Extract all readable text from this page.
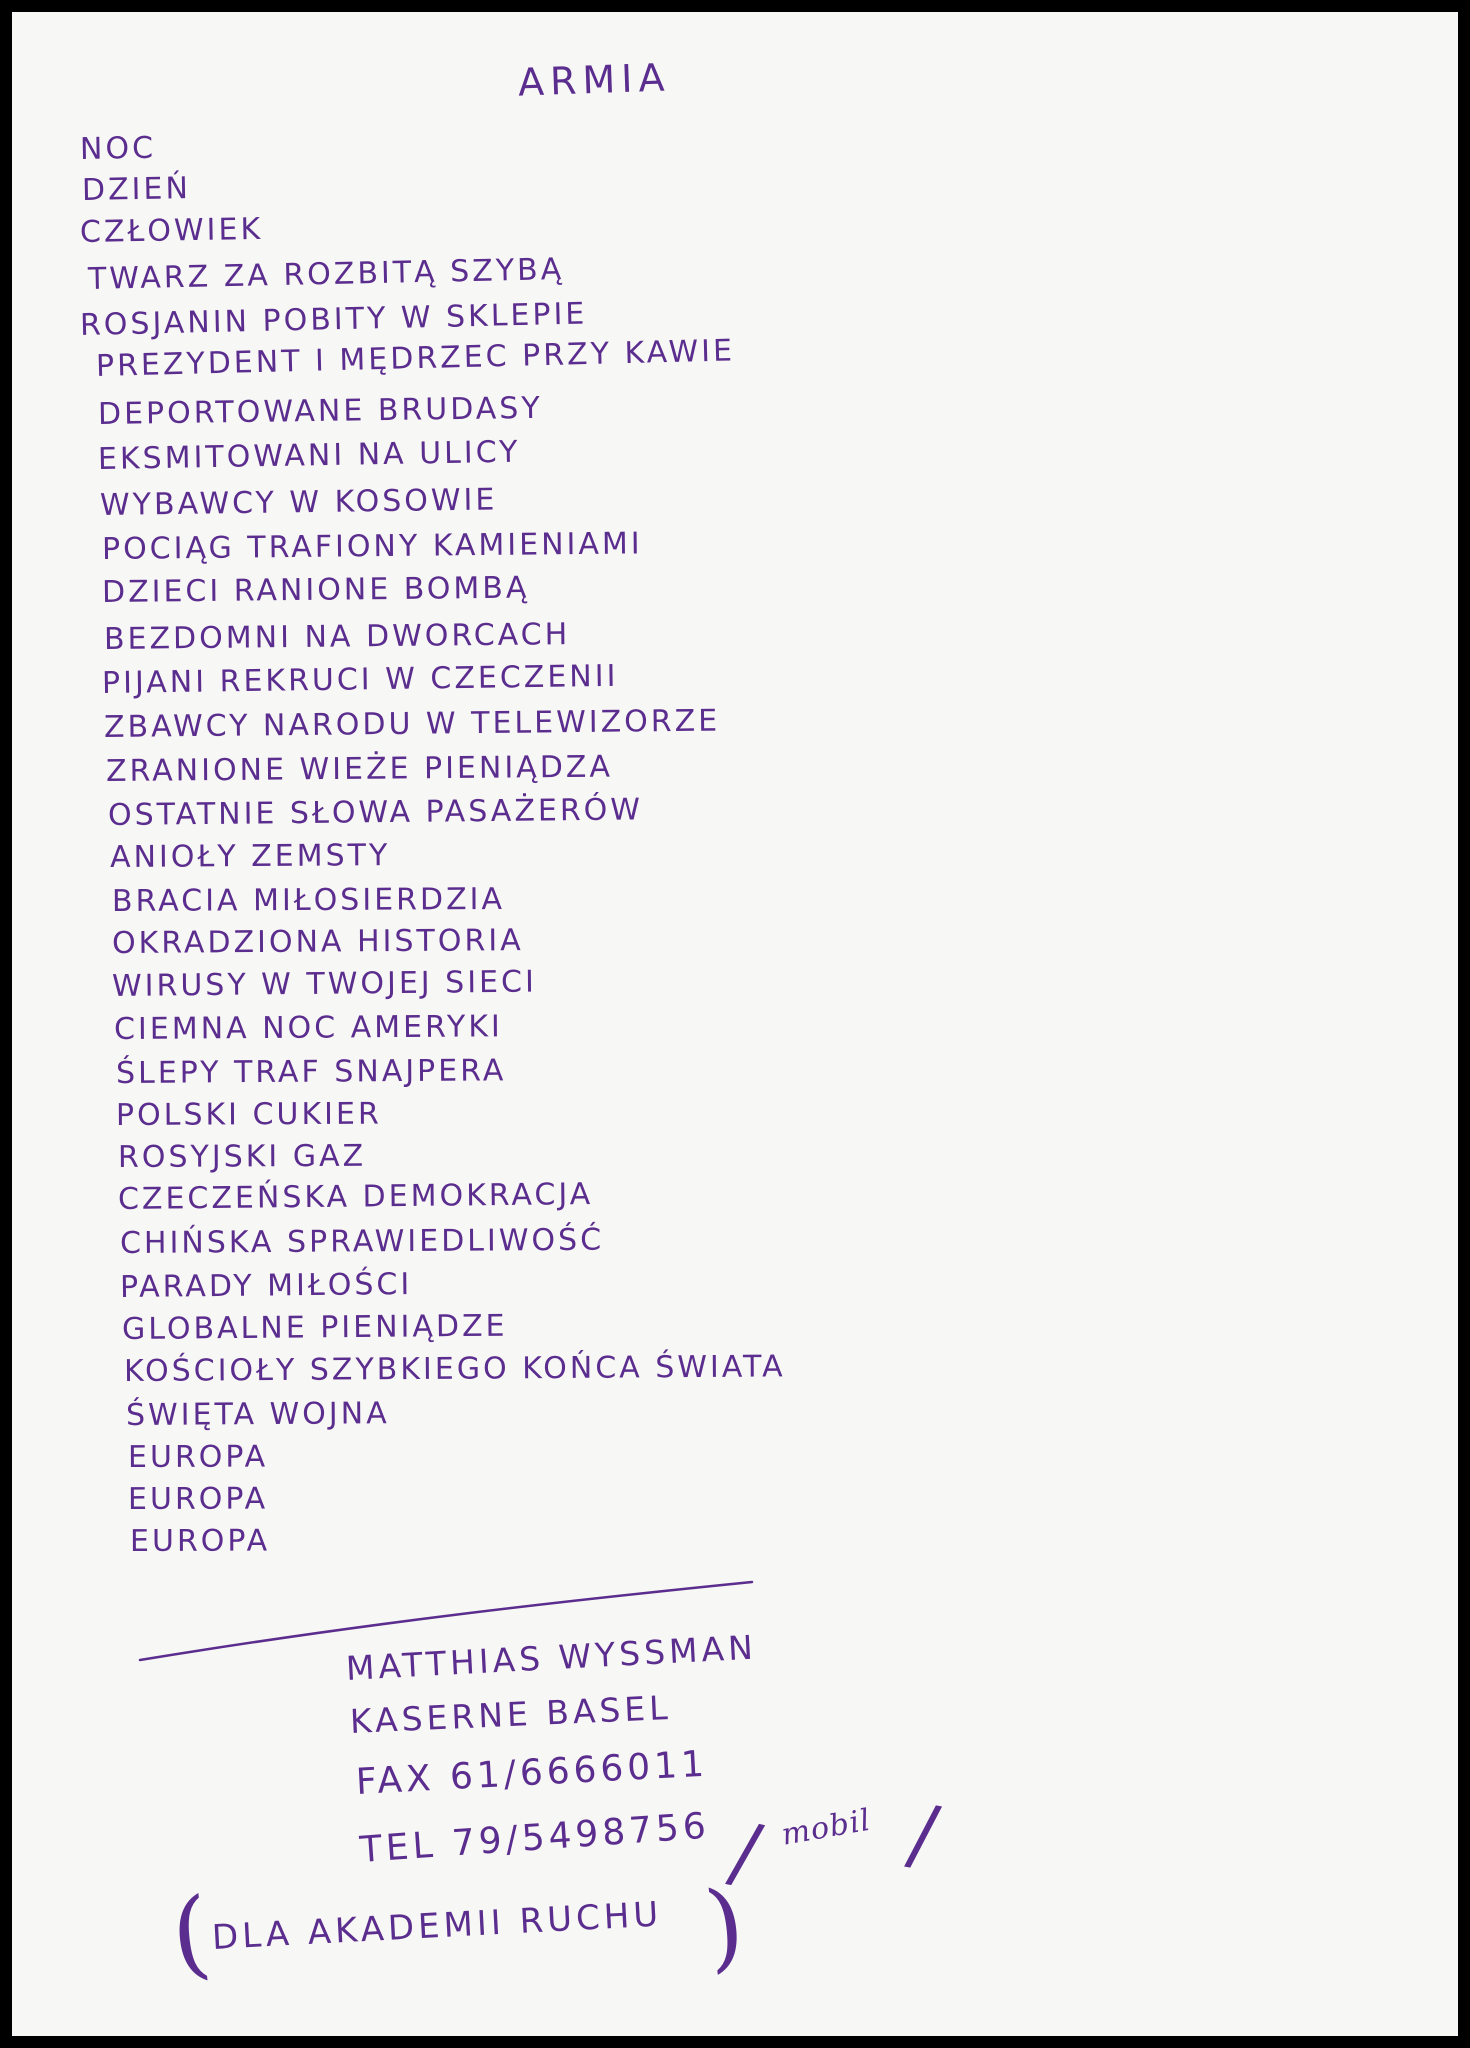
ARMIA
NOC
DZIEŃ
CZŁOWIEK
TWARZ ZA ROZBITĄ SZYBĄ
ROSJANIN POBITY W SKLEPIE
PREZYDENT I MĘDRZEC PRZY KAWIE
DEPORTOWANE BRUDASY
EKSMITOWANI NA ULICY
WYBAWCY W KOSOWIE
POCIĄG TRAFIONY KAMIENIAMI
DZIECI RANIONE BOMBĄ
BEZDOMNI NA DWORCACH
PIJANI REKRUCI W CZECZENII
ZBAWCY NARODU W TELEWIZORZE
ZRANIONE WIEŻE PIENIĄDZA
OSTATNIE SŁOWA PASAŻERÓW
ANIOŁY ZEMSTY
BRACIA MIŁOSIERDZIA
OKRADZIONA HISTORIA
WIRUSY W TWOJEJ SIECI
CIEMNA NOC AMERYKI
ŚLEPY TRAF SNAJPERA
POLSKI CUKIER
ROSYJSKI GAZ
CZECZEŃSKA DEMOKRACJA
CHIŃSKA SPRAWIEDLIWOŚĆ
PARADY MIŁOŚCI
GLOBALNE PIENIĄDZE
KOŚCIOŁY SZYBKIEGO KOŃCA ŚWIATA
ŚWIĘTA WOJNA
EUROPA
EUROPA
EUROPA
MATTHIAS WYSSMAN
KASERNE BASEL
FAX 61/6666011
TEL 79/5498756 / mobil /
(
DLA AKADEMII RUCHU )
